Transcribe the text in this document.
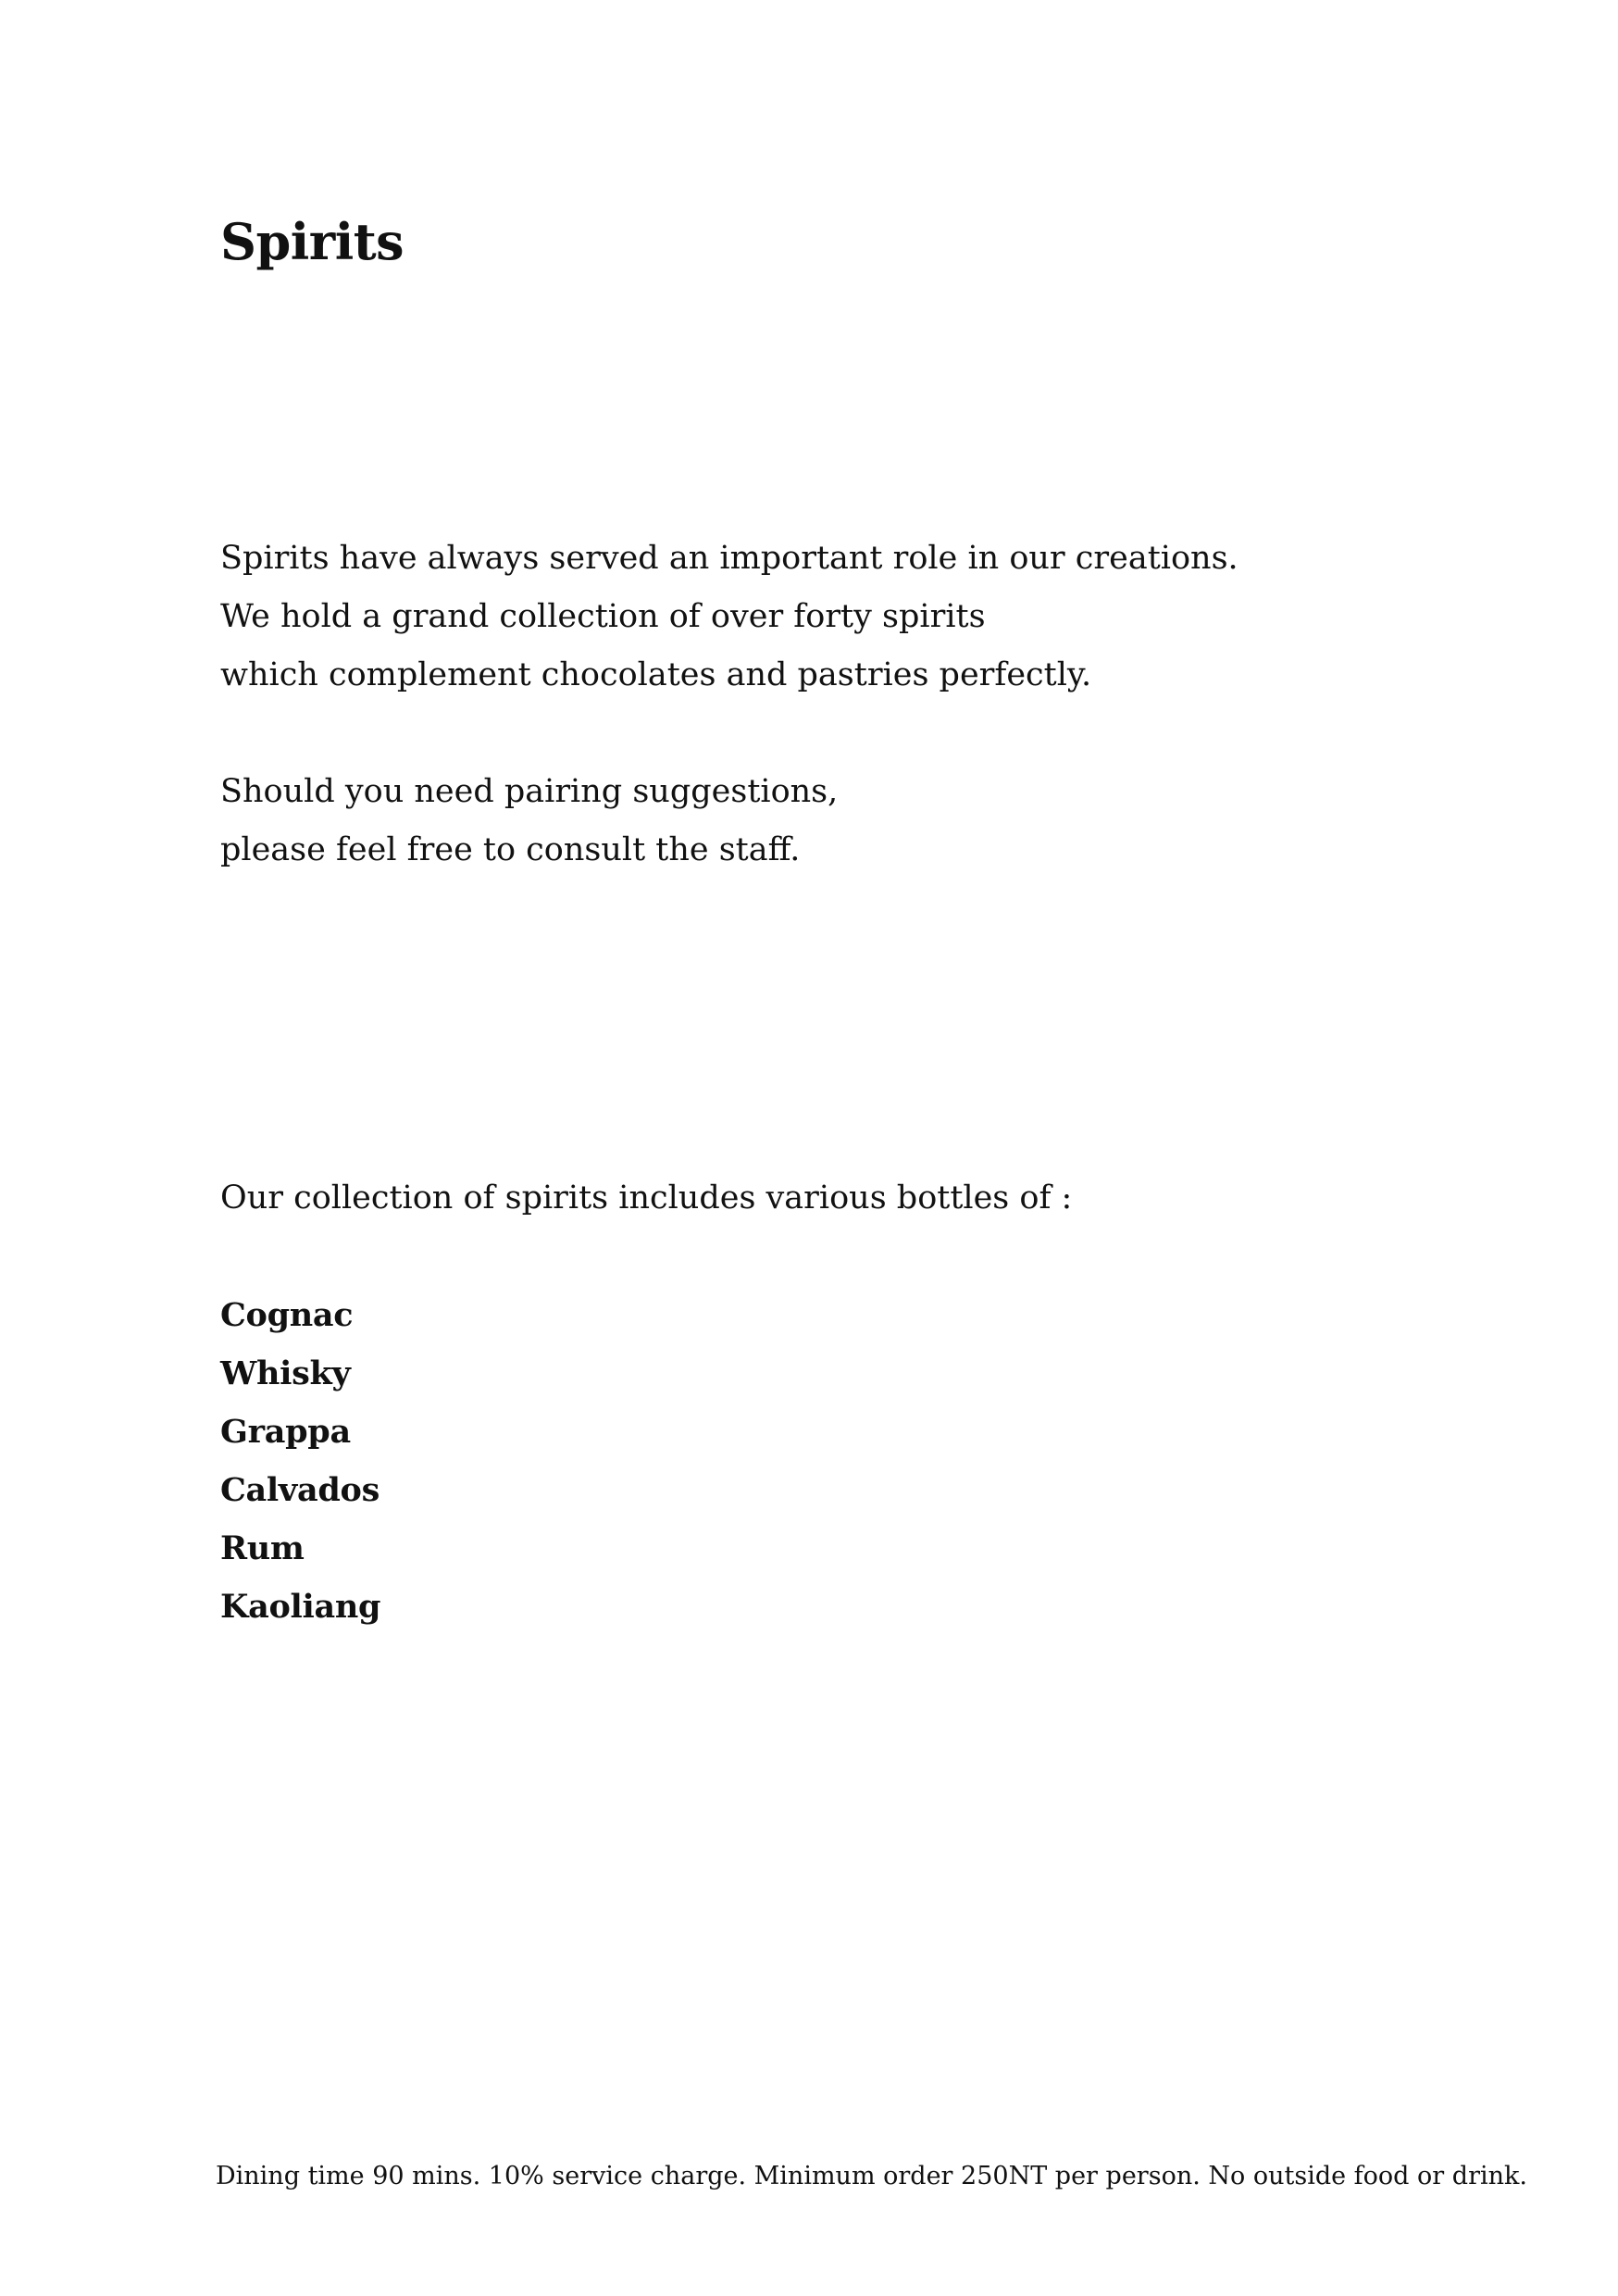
Spirits

Spirits have always served an important role in our creations.

We hold a grand collection of over forty spirits

which complement chocolates and pastries perfectly.

Should you need pairing suggestions,

please feel free to consult the staff.

Our collection of spirits includes various bottles of :

Cognac
Whisky
Grappa
Calvados
Rum
Kaoliang

Dining time 90 mins. 10% service charge. Minimum order 250NT per person. No outside food or drink.
